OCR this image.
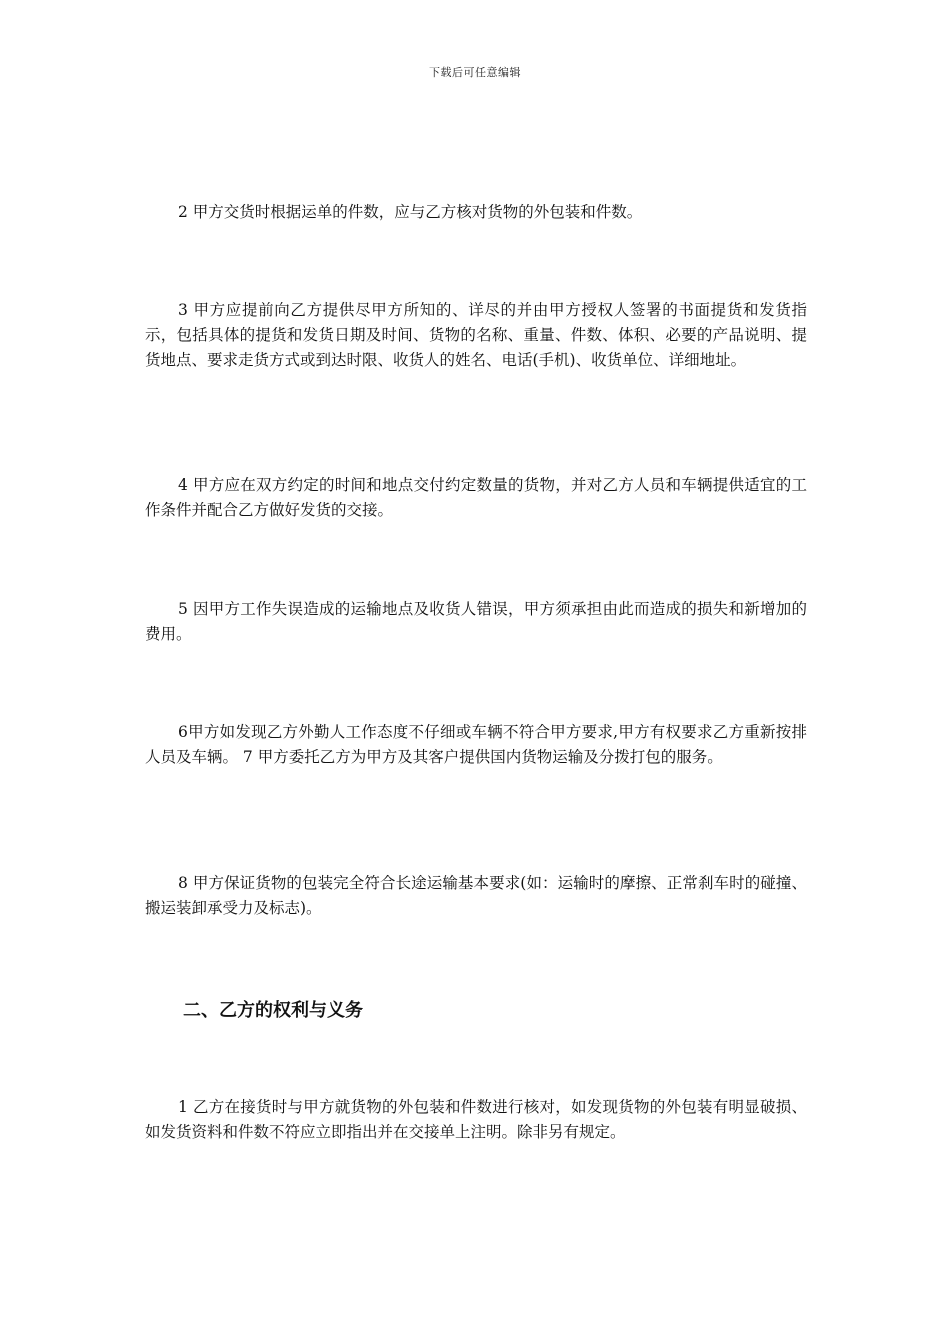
下载后可任意编辑

2 甲方交货时根据运单的件数，应与乙方核对货物的外包装和件数。

3 甲方应提前向乙方提供尽甲方所知的、详尽的并由甲方授权人签署的书面提货和发货指示，包括具体的提货和发货日期及时间、货物的名称、重量、件数、体积、必要的产品说明、提货地点、要求走货方式或到达时限、收货人的姓名、电话(手机)、收货单位、详细地址。

4 甲方应在双方约定的时间和地点交付约定数量的货物，并对乙方人员和车辆提供适宜的工作条件并配合乙方做好发货的交接。

5 因甲方工作失误造成的运输地点及收货人错误，甲方须承担由此而造成的损失和新增加的费用。

6甲方如发现乙方外勤人工作态度不仔细或车辆不符合甲方要求,甲方有权要求乙方重新按排人员及车辆。 7 甲方委托乙方为甲方及其客户提供国内货物运输及分拨打包的服务。

8 甲方保证货物的包装完全符合长途运输基本要求(如：运输时的摩擦、正常刹车时的碰撞、搬运装卸承受力及标志)。

二、乙方的权利与义务

1 乙方在接货时与甲方就货物的外包装和件数进行核对，如发现货物的外包装有明显破损、如发货资料和件数不符应立即指出并在交接单上注明。除非另有规定。
